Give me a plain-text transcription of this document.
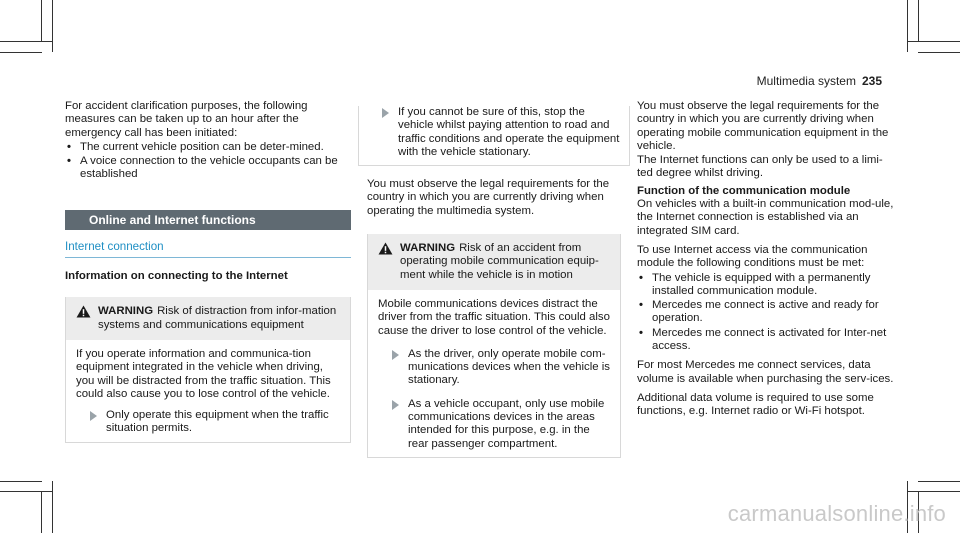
Multimedia system 235

For accident clarification purposes, the following measures can be taken up to an hour after the emergency call has been initiated:

• The current vehicle position can be deter-mined.
• A voice connection to the vehicle occupants can be established
Online and Internet functions
Internet connection
Information on connecting to the Internet
WARNING Risk of distraction from infor-mation systems and communications equipment

If you operate information and communica-tion equipment integrated in the vehicle when driving, you will be distracted from the traffic situation. This could also cause you to lose control of the vehicle.

Only operate this equipment when the traffic situation permits.
If you cannot be sure of this, stop the vehicle whilst paying attention to road and traffic conditions and operate the equipment with the vehicle stationary.

You must observe the legal requirements for the country in which you are currently driving when operating the multimedia system.

WARNING Risk of an accident from operating mobile communication equip-ment while the vehicle is in motion

Mobile communications devices distract the driver from the traffic situation. This could also cause the driver to lose control of the vehicle.

As the driver, only operate mobile com-munications devices when the vehicle is stationary.
As a vehicle occupant, only use mobile communications devices in the areas intended for this purpose, e.g. in the rear passenger compartment.

You must observe the legal requirements for the country in which you are currently driving when operating mobile communication equipment in the vehicle.

The Internet functions can only be used to a limi-ted degree whilst driving.

Function of the communication module

On vehicles with a built-in communication mod-ule, the Internet connection is established via an integrated SIM card.

To use Internet access via the communication module the following conditions must be met:

• The vehicle is equipped with a permanently installed communication module.
• Mercedes me connect is active and ready for operation.
• Mercedes me connect is activated for Inter-net access.

For most Mercedes me connect services, data volume is available when purchasing the serv-ices.

Additional data volume is required to use some functions, e.g. Internet radio or Wi-Fi hotspot.

carmanualsonline.info
